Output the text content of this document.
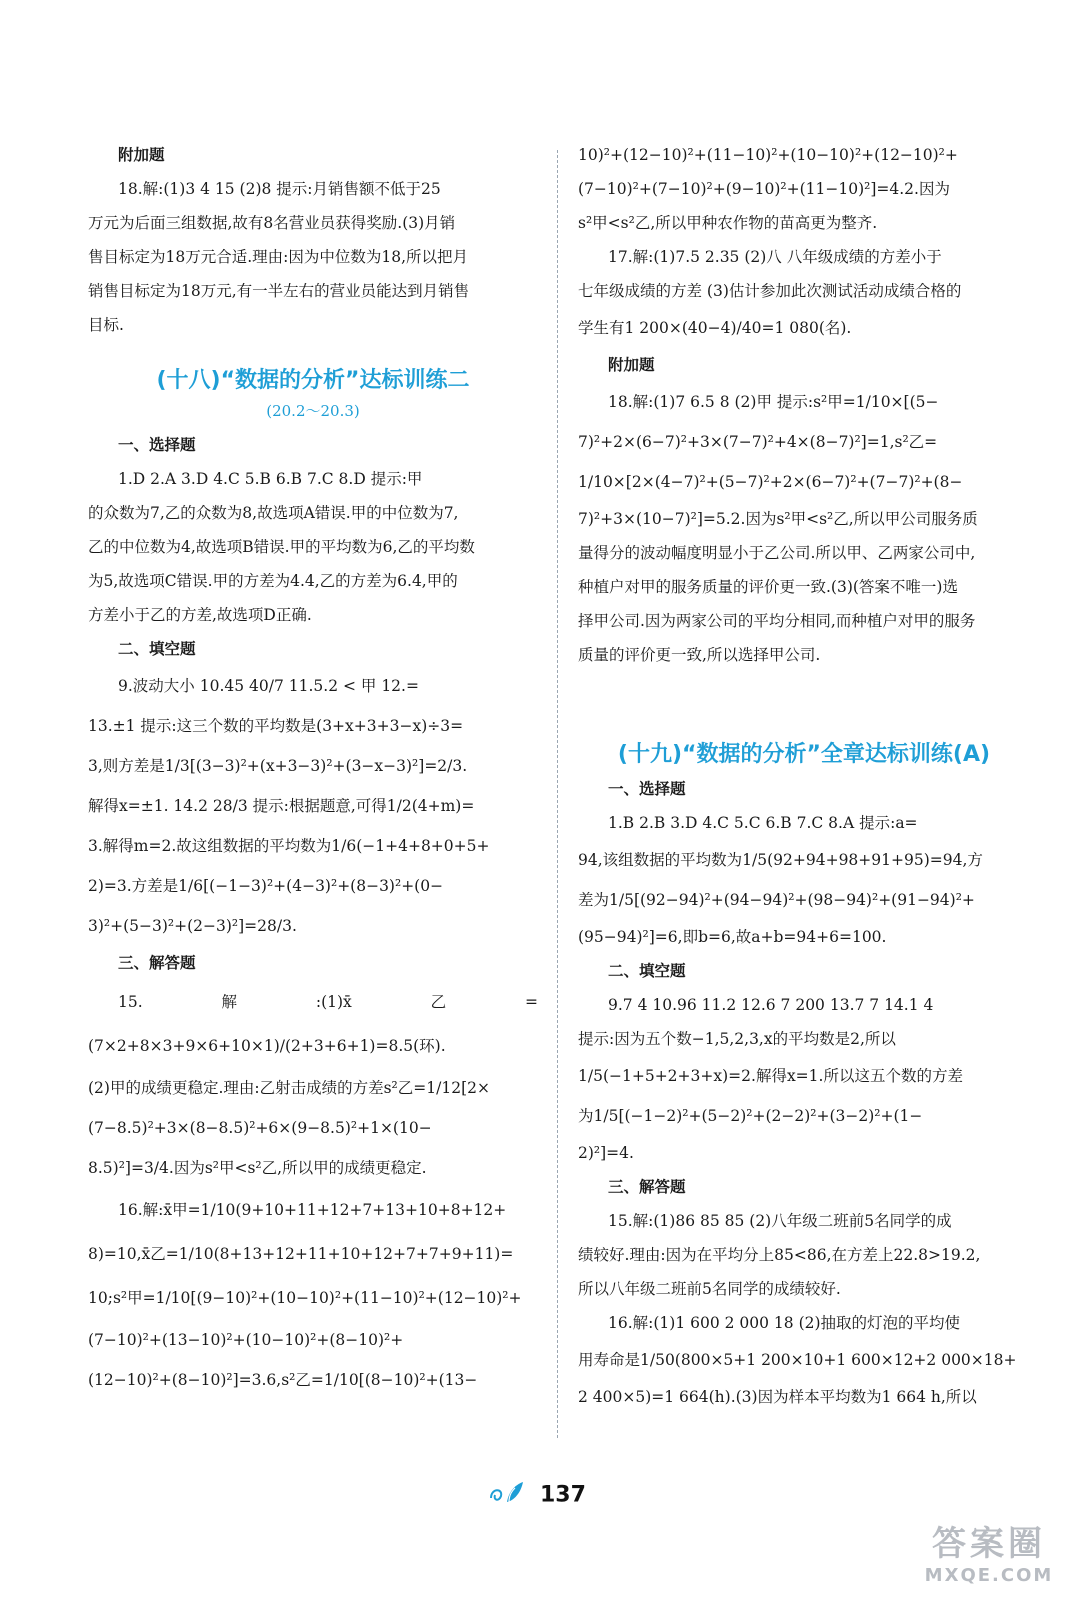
附加题

18.解:(1)3 4 15 (2)8 提示:月销售额不低于25

万元为后面三组数据,故有8名营业员获得奖励.(3)月销

售目标定为18万元合适.理由:因为中位数为18,所以把月

销售目标定为18万元,有一半左右的营业员能达到月销售

目标.

(十八)“数据的分析”达标训练二
(20.2～20.3)

一、选择题

1.D 2.A 3.D 4.C 5.B 6.B 7.C 8.D 提示:甲

的众数为7,乙的众数为8,故选项A错误.甲的中位数为7,

乙的中位数为4,故选项B错误.甲的平均数为6,乙的平均数

为5,故选项C错误.甲的方差为4.4,乙的方差为6.4,甲的

方差小于乙的方差,故选项D正确.

二、填空题

9.波动大小 10.45 40/7 11.5.2 < 甲 12.=

13.±1 提示:这三个数的平均数是(3+x+3+3−x)÷3=

3,则方差是1/3[(3−3)²+(x+3−3)²+(3−x−3)²]=2/3.

解得x=±1. 14.2 28/3 提示:根据题意,可得1/2(4+m)=

3.解得m=2.故这组数据的平均数为1/6(−1+4+8+0+5+

2)=3.方差是1/6[(−1−3)²+(4−3)²+(8−3)²+(0−

3)²+(5−3)²+(2−3)²]=28/3.

三、解答题

15.解:(1)x̄乙=(7×2+8×3+9×6+10×1)/(2+3+6+1)=8.5(环).

(2)甲的成绩更稳定.理由:乙射击成绩的方差s²乙=1/12[2×

(7−8.5)²+3×(8−8.5)²+6×(9−8.5)²+1×(10−

8.5)²]=3/4.因为s²甲<s²乙,所以甲的成绩更稳定.

16.解:x̄甲=1/10(9+10+11+12+7+13+10+8+12+

8)=10,x̄乙=1/10(8+13+12+11+10+12+7+7+9+11)=

10;s²甲=1/10[(9−10)²+(10−10)²+(11−10)²+(12−10)²+

(7−10)²+(13−10)²+(10−10)²+(8−10)²+

(12−10)²+(8−10)²]=3.6,s²乙=1/10[(8−10)²+(13−

10)²+(12−10)²+(11−10)²+(10−10)²+(12−10)²+

(7−10)²+(7−10)²+(9−10)²+(11−10)²]=4.2.因为

s²甲<s²乙,所以甲种农作物的苗高更为整齐.

17.解:(1)7.5 2.35 (2)八 八年级成绩的方差小于

七年级成绩的方差 (3)估计参加此次测试活动成绩合格的

学生有1 200×(40−4)/40=1 080(名).

附加题

18.解:(1)7 6.5 8 (2)甲 提示:s²甲=1/10×[(5−

7)²+2×(6−7)²+3×(7−7)²+4×(8−7)²]=1,s²乙=

1/10×[2×(4−7)²+(5−7)²+2×(6−7)²+(7−7)²+(8−

7)²+3×(10−7)²]=5.2.因为s²甲<s²乙,所以甲公司服务质

量得分的波动幅度明显小于乙公司.所以甲、乙两家公司中,

种植户对甲的服务质量的评价更一致.(3)(答案不唯一)选

择甲公司.因为两家公司的平均分相同,而种植户对甲的服务

质量的评价更一致,所以选择甲公司.

(十九)“数据的分析”全章达标训练(A)

一、选择题

1.B 2.B 3.D 4.C 5.C 6.B 7.C 8.A 提示:a=

94,该组数据的平均数为1/5(92+94+98+91+95)=94,方

差为1/5[(92−94)²+(94−94)²+(98−94)²+(91−94)²+

(95−94)²]=6,即b=6,故a+b=94+6=100.

二、填空题

9.7 4 10.96 11.2 12.6 7 200 13.7 7 14.1 4

提示:因为五个数−1,5,2,3,x的平均数是2,所以

1/5(−1+5+2+3+x)=2.解得x=1.所以这五个数的方差

为1/5[(−1−2)²+(5−2)²+(2−2)²+(3−2)²+(1−

2)²]=4.

三、解答题

15.解:(1)86 85 85 (2)八年级二班前5名同学的成

绩较好.理由:因为在平均分上85<86,在方差上22.8>19.2,

所以八年级二班前5名同学的成绩较好.

16.解:(1)1 600 2 000 18 (2)抽取的灯泡的平均使

用寿命是1/50(800×5+1 200×10+1 600×12+2 000×18+

2 400×5)=1 664(h).(3)因为样本平均数为1 664 h,所以

137
答案圈
MXQE.COM
